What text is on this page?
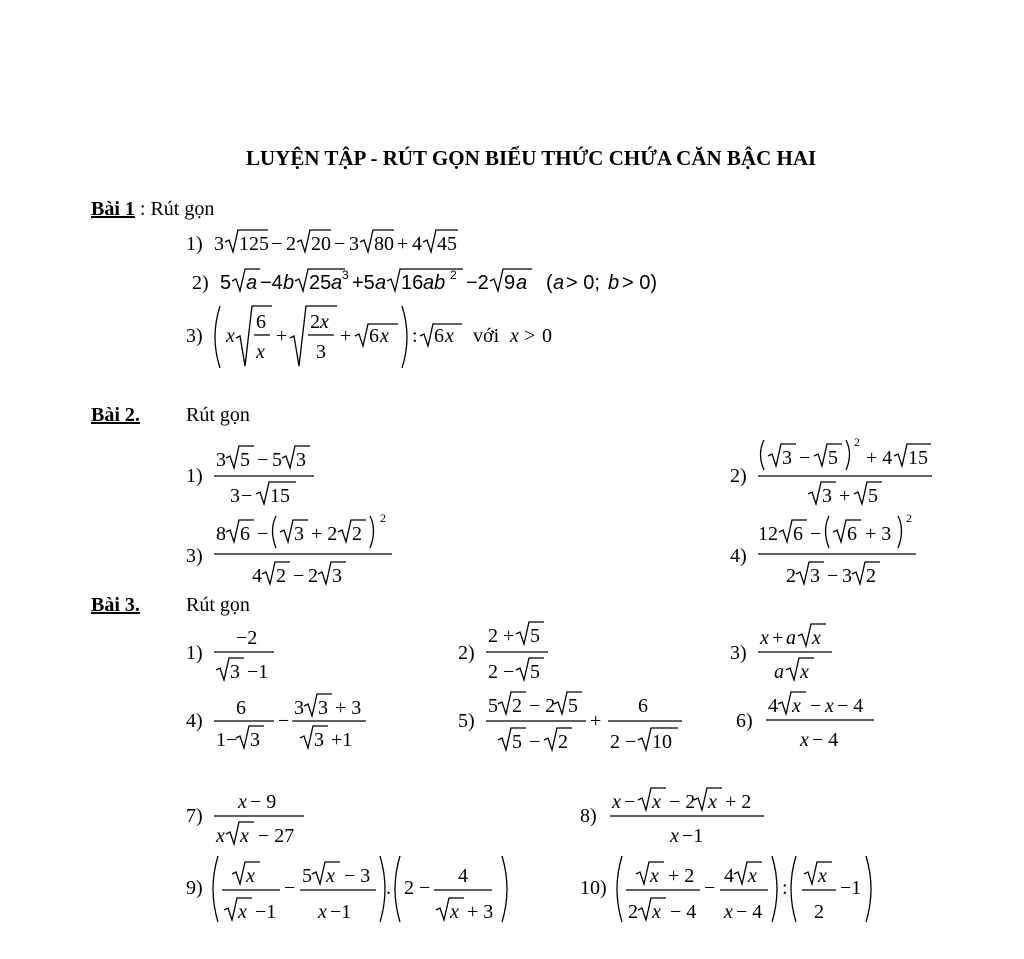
LUYỆN TẬP - RÚT GỌN BIỂU THỨC CHỨA CĂN BẬC HAI
Bài 1 : Rút gọn
1) 3 125 − 2 20 − 3 80 + 4 45
2) 5 a −4 b 25 a 3 +5 a 16 ab 2 −2 9 a ( a > 0; b > 0)
3) x
6
x
+
2 x
3
+ 6 x : 6 x với x > 0
Bài 2. Rút gọn
1)
3 5 − 5 3
3 − 15
2)
3 − 5
2
+ 4 15
3 + 5
3)
8 6 − 3 + 2 2
2
4 2 − 2 3
4)
12 6 − 6 + 3
2
2 3 − 3 2
Bài 3. Rút gọn
1)
−2
3 −1
2)
2 + 5
2 − 5
3)
x + a x
a x
4)
6
1− 3
−
3 3 + 3
3 +1
5)
5 2 − 2 5
5 − 2
+
6
2 − 10
6)
4 x − x − 4
x − 4
7)
x − 9
x x − 27
8)
x − x − 2 x + 2
x −1
9)
x
x −1
−
5 x − 3
x −1
. 2 −
4
x + 3
10)
x + 2
2 x − 4
−
4 x
x − 4
:
x
2
−1
